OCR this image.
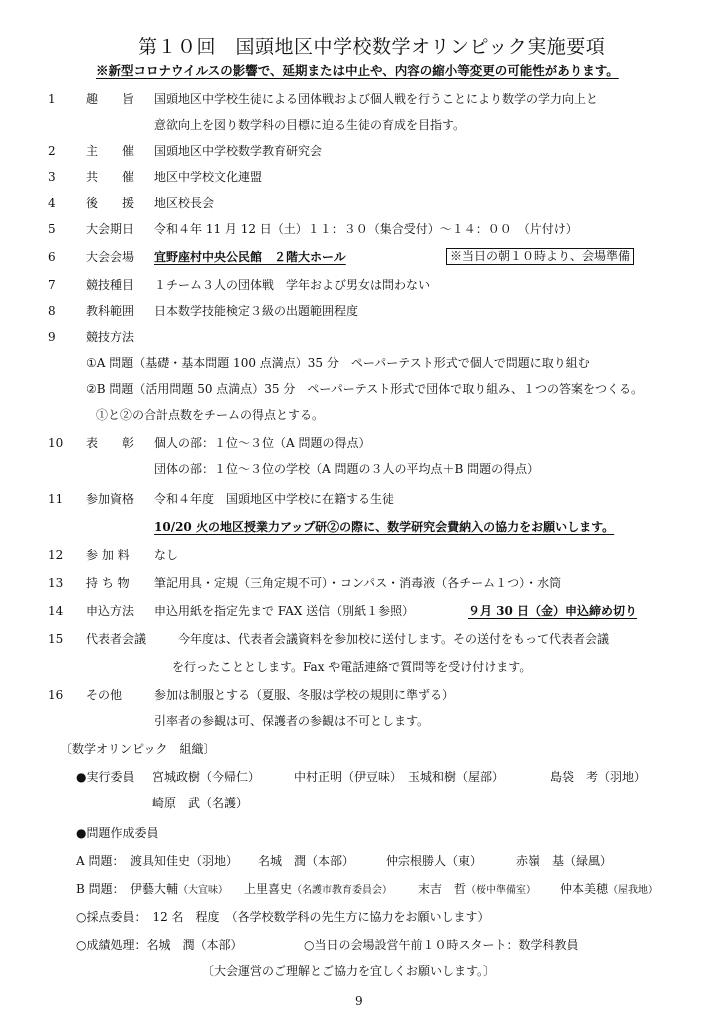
第１０回　国頭地区中学校数学オリンピック実施要項
※新型コロナウイルスの影響で、延期または中止や、内容の縮小等変更の可能性があります。
1	趣　　旨 国頭地区中学校生徒による団体戦および個人戦を行うことにより数学の学力向上と
意欲向上を図り数学科の目標に迫る生徒の育成を目指す。
2	主　　催 国頭地区中学校数学教育研究会
3	共　　催 地区中学校文化連盟
4	後　　援 地区校長会
5	大会期日 令和４年 11 月 12 日（土）１１：３０（集合受付）～１４：００　（片付け）
6	大会会場 宜野座村中央公民館　２階大ホール	※当日の朝１０時より、会場準備
7	競技種目 １チーム３人の団体戦　学年および男女は問わない
8	教科範囲 日本数学技能検定３級の出題範囲程度
9	競技方法
①A 問題（基礎・基本問題 100 点満点）35 分　ペーパーテスト形式で個人で問題に取り組む
②B 問題（活用問題 50 点満点）35 分　ペーパーテスト形式で団体で取り組み、１つの答案をつくる。
①と②の合計点数をチームの得点とする。
10 表　　彰 個人の部：１位～３位（A 問題の得点）
団体の部：１位～３位の学校（A 問題の３人の平均点＋B 問題の得点）
11 参加資格 令和４年度　国頭地区中学校に在籍する生徒
10/20 火の地区授業力アップ研②の際に、数学研究会費納入の協力をお願いします。
12 参 加 料 なし
13 持 ち 物 筆記用具・定規（三角定規不可）・コンパス・消毒液（各チーム１つ）・水筒
14 申込方法 申込用紙を指定先まで FAX 送信（別紙１参照）	９月 30 日（金）申込締め切り
15 代表者会議	今年度は、代表者会議資料を参加校に送付します。その送付をもって代表者会議
を行ったこととします。Fax や電話連絡で質問等を受け付けます。
16 その他	参加は制服とする（夏服、冬服は学校の規則に準ずる）
引率者の参観は可、保護者の参観は不可とします。
〔数学オリンピック　組織〕
●実行委員 宮城政樹（今帰仁）	中村正明（伊豆味） 玉城和樹（屋部）	島袋　考（羽地）
崎原　武（名護）
●問題作成委員
A 問題： 渡具知佳史（羽地） 名城　潤（本部）	仲宗根勝人（東）	赤嶺　基（緑風）
B 問題： 伊藝大輔（大宜味） 上里喜史（名護市教育委員会） 末吉　哲（桜中準備室） 仲本美穂（屋我地）
○採点委員：　12 名　程度　（各学校数学科の先生方に協力をお願いします）
○成績処理：名城　潤（本部）	○当日の会場設営午前１０時スタート：数学科教員
〔大会運営のご理解とご協力を宜しくお願いします。〕
9
